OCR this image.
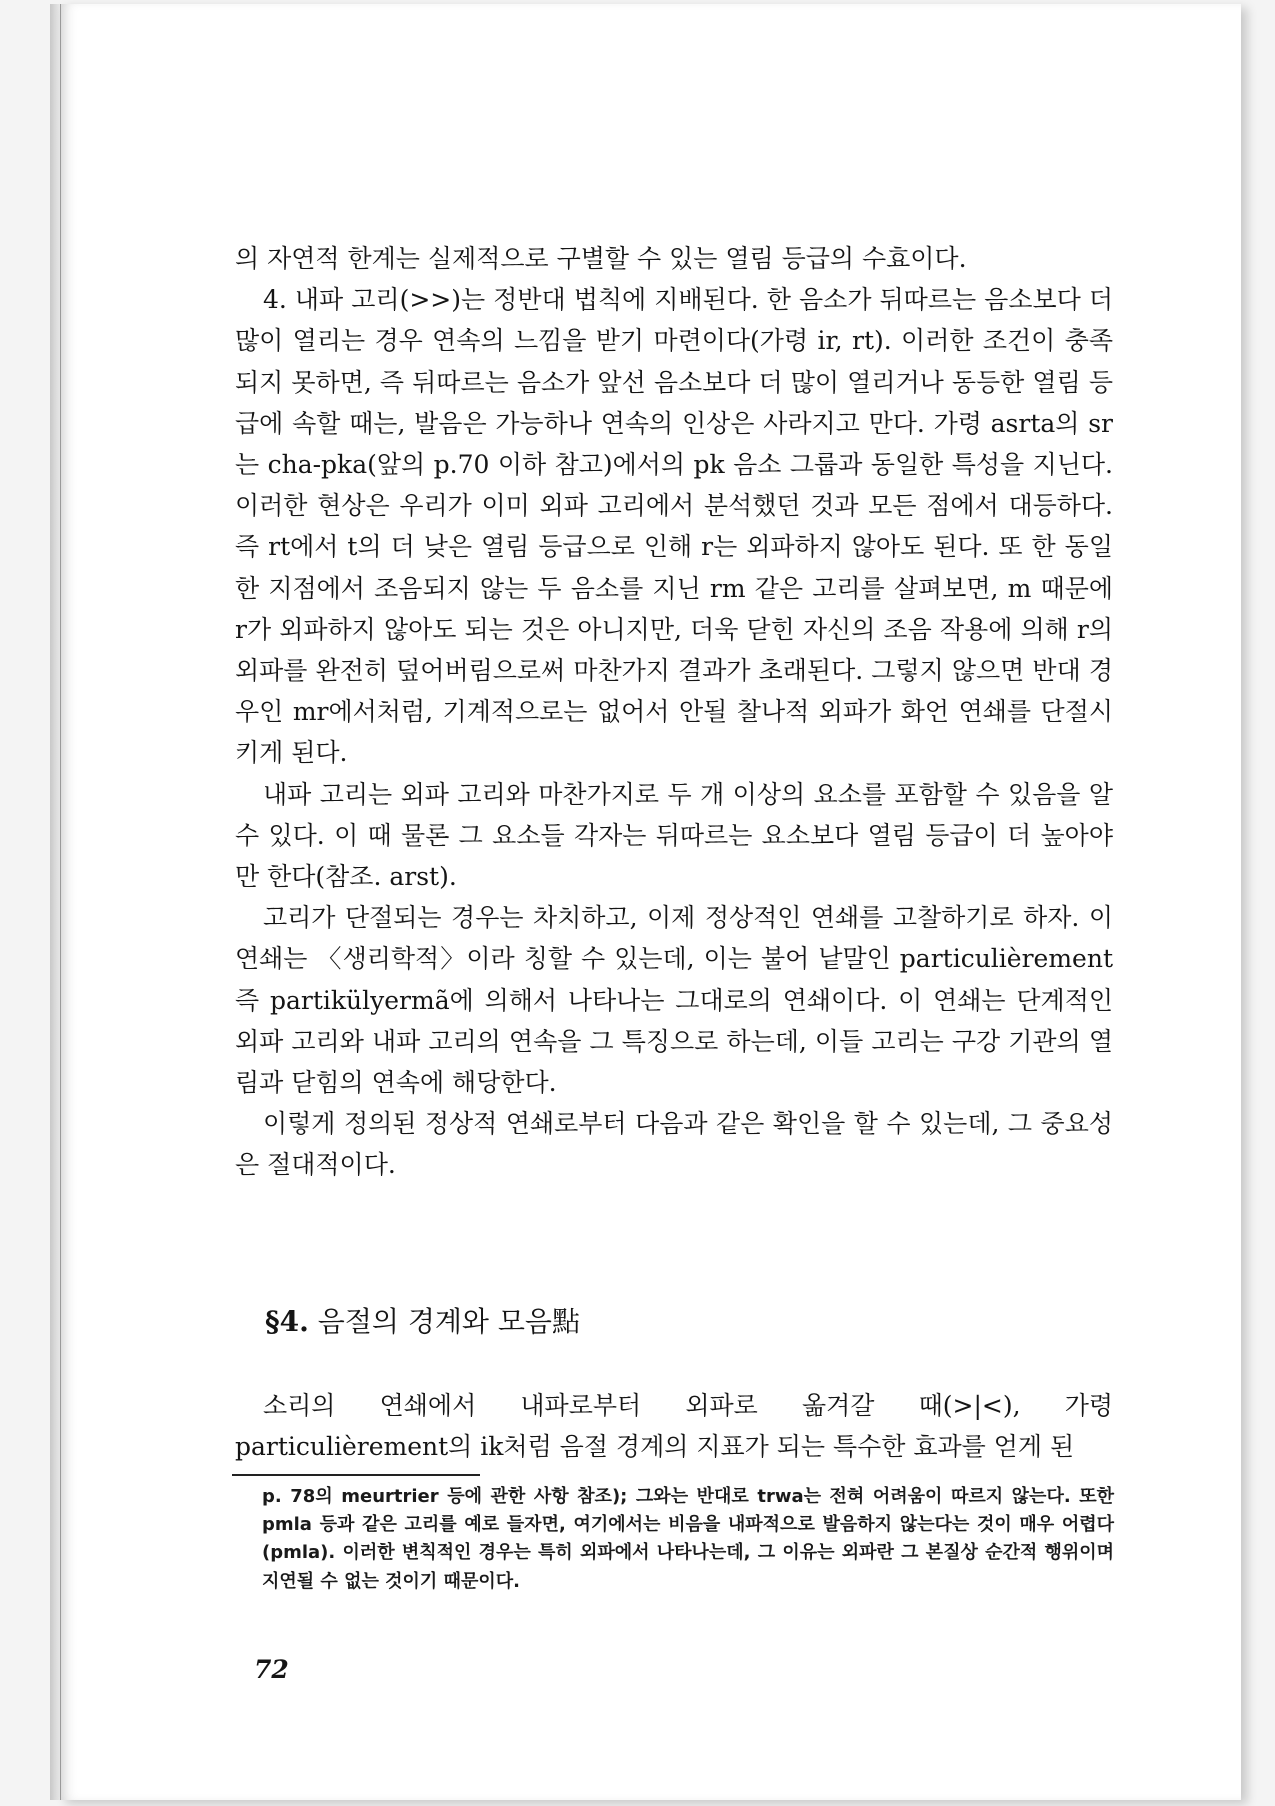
의 자연적 한계는 실제적으로 구별할 수 있는 열림 등급의 수효이다.

4. 내파 고리(>>)는 정반대 법칙에 지배된다. 한 음소가 뒤따르는 음소보다 더 많이 열리는 경우 연속의 느낌을 받기 마련이다(가령 ir, rt). 이러한 조건이 충족되지 못하면, 즉 뒤따르는 음소가 앞선 음소보다 더 많이 열리거나 동등한 열림 등급에 속할 때는, 발음은 가능하나 연속의 인상은 사라지고 만다. 가령 asrta의 sr는 cha-pka(앞의 p.70 이하 참고)에서의 pk 음소 그룹과 동일한 특성을 지닌다. 이러한 현상은 우리가 이미 외파 고리에서 분석했던 것과 모든 점에서 대등하다. 즉 rt에서 t의 더 낮은 열림 등급으로 인해 r는 외파하지 않아도 된다. 또 한 동일한 지점에서 조음되지 않는 두 음소를 지닌 rm 같은 고리를 살펴보면, m 때문에 r가 외파하지 않아도 되는 것은 아니지만, 더욱 닫힌 자신의 조음 작용에 의해 r의 외파를 완전히 덮어버림으로써 마찬가지 결과가 초래된다. 그렇지 않으면 반대 경우인 mr에서처럼, 기계적으로는 없어서 안될 찰나적 외파가 화언 연쇄를 단절시키게 된다.

내파 고리는 외파 고리와 마찬가지로 두 개 이상의 요소를 포함할 수 있음을 알 수 있다. 이 때 물론 그 요소들 각자는 뒤따르는 요소보다 열림 등급이 더 높아야만 한다(참조. arst).

고리가 단절되는 경우는 차치하고, 이제 정상적인 연쇄를 고찰하기로 하자. 이 연쇄는 〈생리학적〉이라 칭할 수 있는데, 이는 불어 낱말인 particulièrement 즉 partikülyermã에 의해서 나타나는 그대로의 연쇄이다. 이 연쇄는 단계적인 외파 고리와 내파 고리의 연속을 그 특징으로 하는데, 이들 고리는 구강 기관의 열림과 닫힘의 연속에 해당한다.

이렇게 정의된 정상적 연쇄로부터 다음과 같은 확인을 할 수 있는데, 그 중요성은 절대적이다.

§4. 음절의 경계와 모음點

소리의 연쇄에서 내파로부터 외파로 옮겨갈 때(>|<), 가령 particulièrement의 ik처럼 음절 경계의 지표가 되는 특수한 효과를 얻게 된

p. 78의 meurtrier 등에 관한 사항 참조); 그와는 반대로 trwa는 전혀 어려움이 따르지 않는다. 또한 pmla 등과 같은 고리를 예로 들자면, 여기에서는 비음을 내파적으로 발음하지 않는다는 것이 매우 어렵다(pmla). 이러한 변칙적인 경우는 특히 외파에서 나타나는데, 그 이유는 외파란 그 본질상 순간적 행위이며 지연될 수 없는 것이기 때문이다.

72
